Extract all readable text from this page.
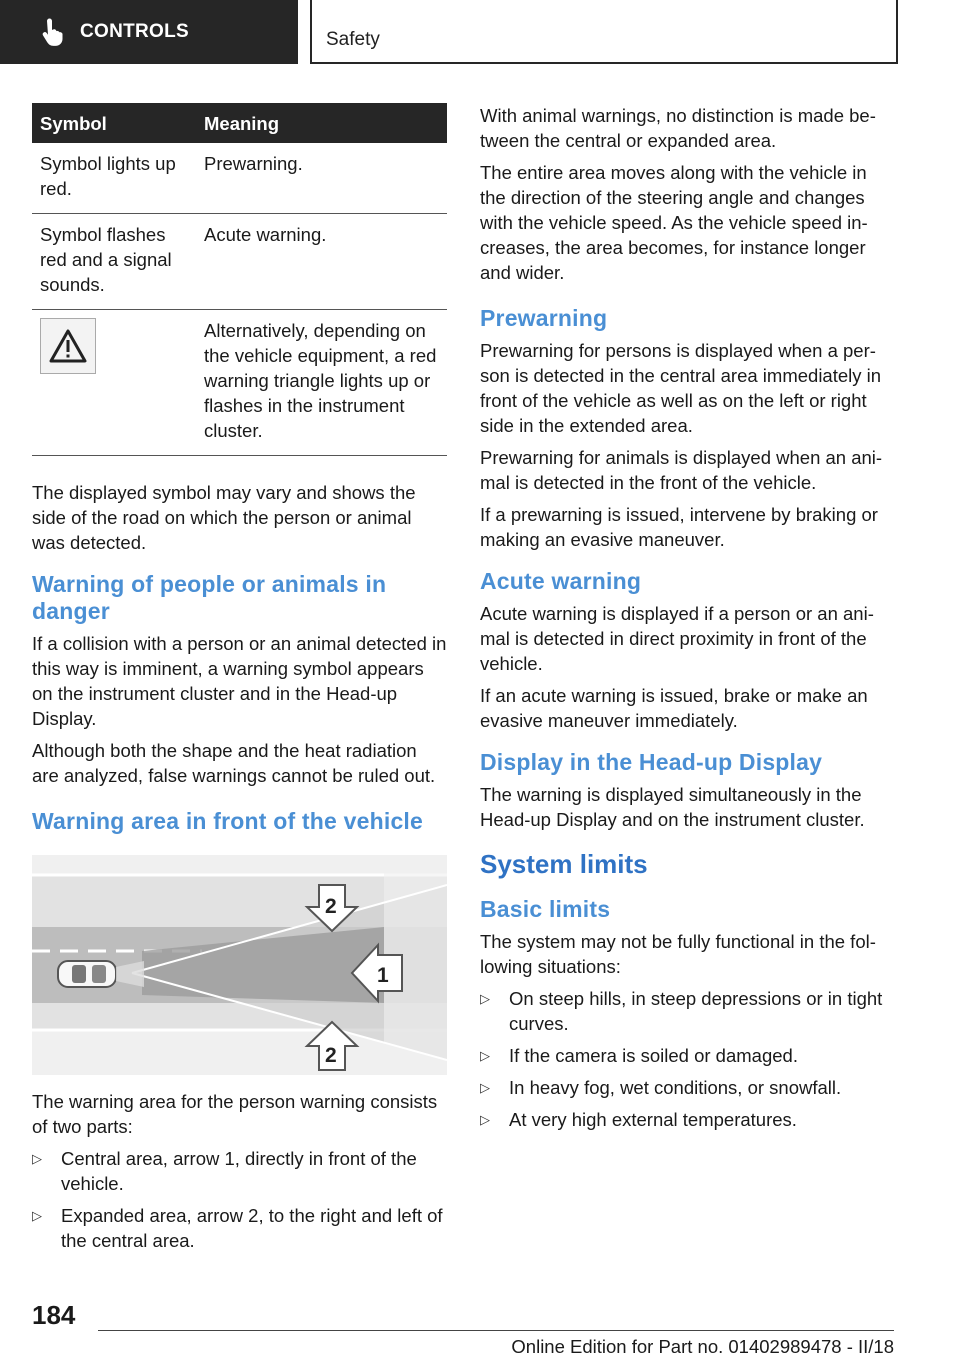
CONTROLS	Safety
Symbol	Meaning
Symbol lights up red.	Prewarning.
Symbol flashes red and a signal sounds.	Acute warning.

	Alternatively, depending on the vehicle equipment, a red warning triangle lights up or flashes in the instrument cluster.

The displayed symbol may vary and shows the side of the road on which the person or animal was detected.

Warning of people or animals in danger

If a collision with a person or an animal detected in this way is imminent, a warning symbol appears on the instrument cluster and in the Head-up Display.

Although both the shape and the heat radiation are analyzed, false warnings cannot be ruled out.

Warning area in front of the vehicle
1
2
2

The warning area for the person warning consists of two parts:

▷ Central area, arrow 1, directly in front of the vehicle.
▷ Expanded area, arrow 2, to the right and left of the central area.

With animal warnings, no distinction is made between the central or expanded area.

The entire area moves along with the vehicle in the direction of the steering angle and changes with the vehicle speed. As the vehicle speed increases, the area becomes, for instance longer and wider.

Prewarning

Prewarning for persons is displayed when a person is detected in the central area immediately in front of the vehicle as well as on the left or right side in the extended area.

Prewarning for animals is displayed when an animal is detected in the front of the vehicle.

If a prewarning is issued, intervene by braking or making an evasive maneuver.

Acute warning

Acute warning is displayed if a person or an animal is detected in direct proximity in front of the vehicle.

If an acute warning is issued, brake or make an evasive maneuver immediately.

Display in the Head-up Display

The warning is displayed simultaneously in the Head-up Display and on the instrument cluster.

System limits
Basic limits

The system may not be fully functional in the following situations:

▷ On steep hills, in steep depressions or in tight curves.
▷ If the camera is soiled or damaged.
▷ In heavy fog, wet conditions, or snowfall.
▷ At very high external temperatures.
184
Online Edition for Part no. 01402989478 - II/18
